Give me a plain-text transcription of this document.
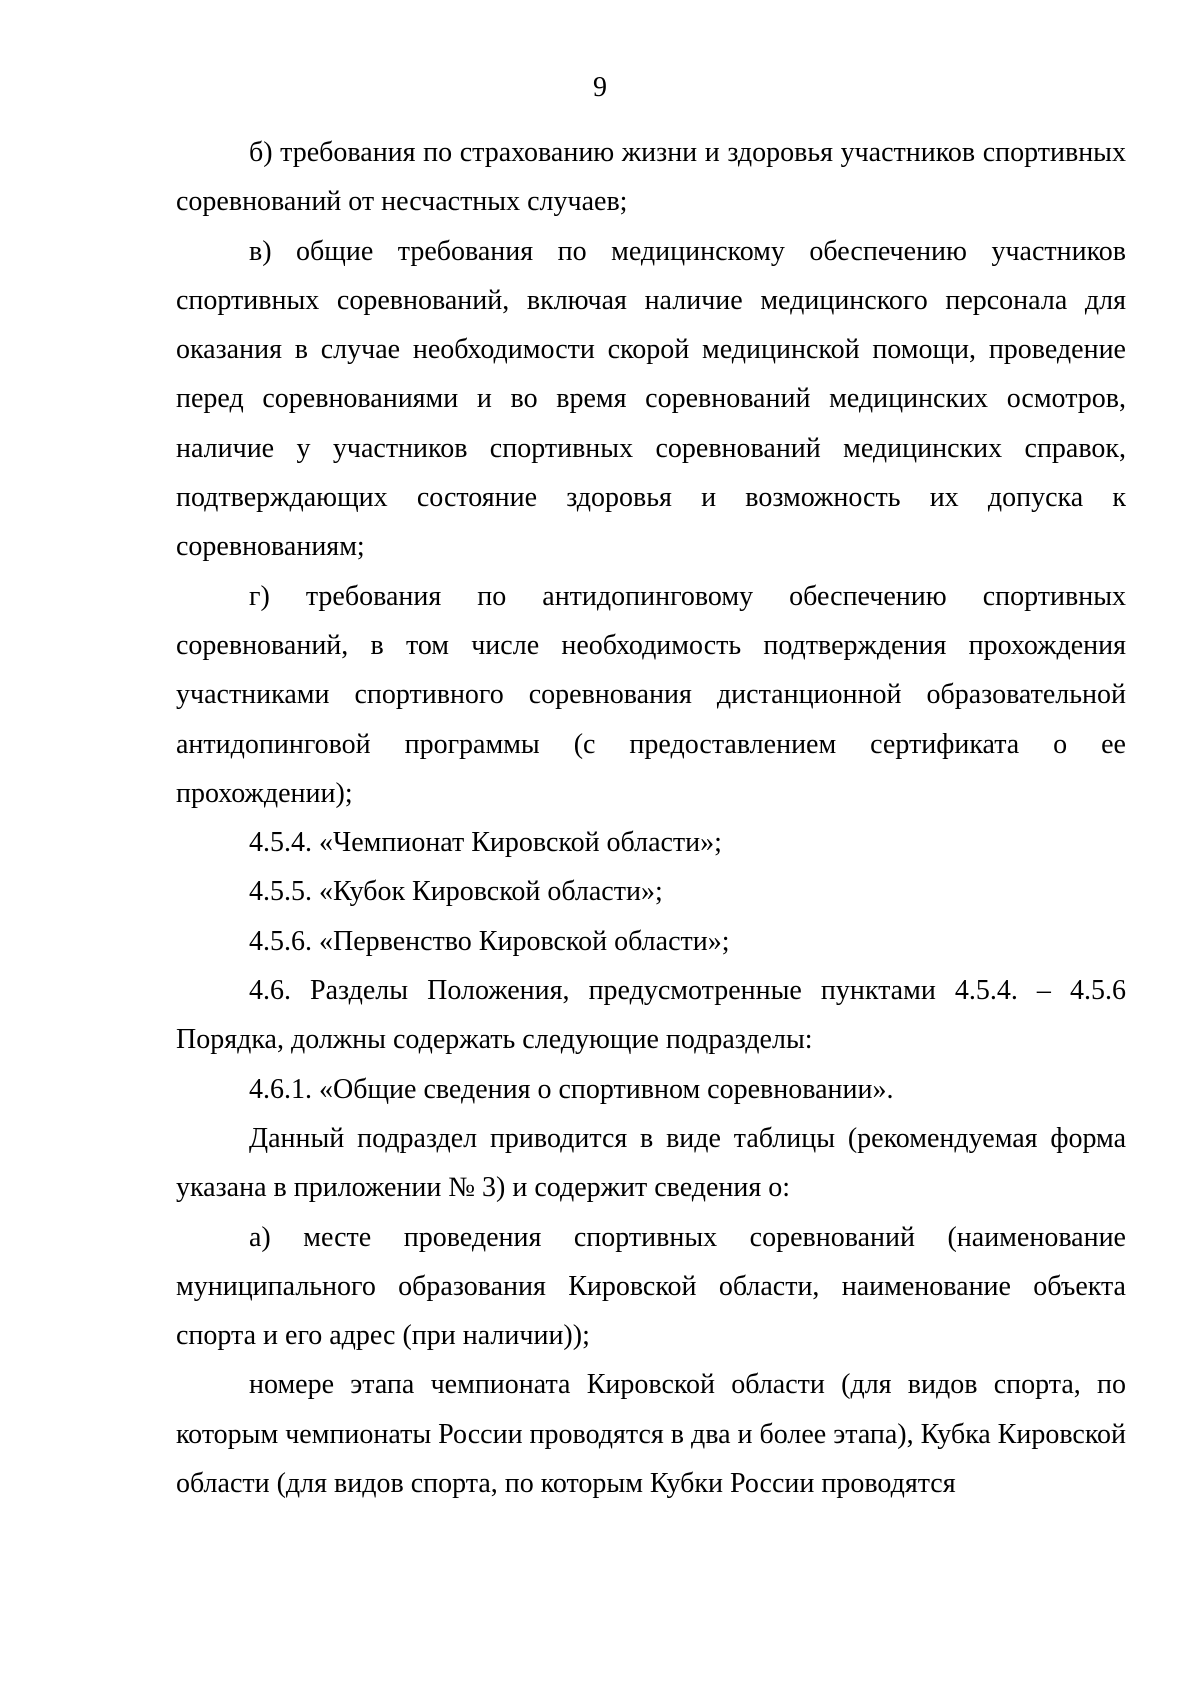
9

б) требования по страхованию жизни и здоровья участников спортивных соревнований от несчастных случаев;

в) общие требования по медицинскому обеспечению участников спортивных соревнований, включая наличие медицинского персонала для оказания в случае необходимости скорой медицинской помощи, проведение перед соревнованиями и во время соревнований медицинских осмотров, наличие у участников спортивных соревнований медицинских справок, подтверждающих состояние здоровья и возможность их допуска к соревнованиям;

г) требования по антидопинговому обеспечению спортивных соревнований, в том числе необходимость подтверждения прохождения участниками спортивного соревнования дистанционной образовательной антидопинговой программы (с предоставлением сертификата о ее прохождении);

4.5.4. «Чемпионат Кировской области»;

4.5.5. «Кубок Кировской области»;

4.5.6. «Первенство Кировской области»;

4.6. Разделы Положения, предусмотренные пунктами 4.5.4. – 4.5.6 Порядка, должны содержать следующие подразделы:

4.6.1. «Общие сведения о спортивном соревновании».

Данный подраздел приводится в виде таблицы (рекомендуемая форма указана в приложении № 3) и содержит сведения о:

а) месте проведения спортивных соревнований (наименование муниципального образования Кировской области, наименование объекта спорта и его адрес (при наличии));

номере этапа чемпионата Кировской области (для видов спорта, по которым чемпионаты России проводятся в два и более этапа), Кубка Кировской области (для видов спорта, по которым Кубки России проводятся
